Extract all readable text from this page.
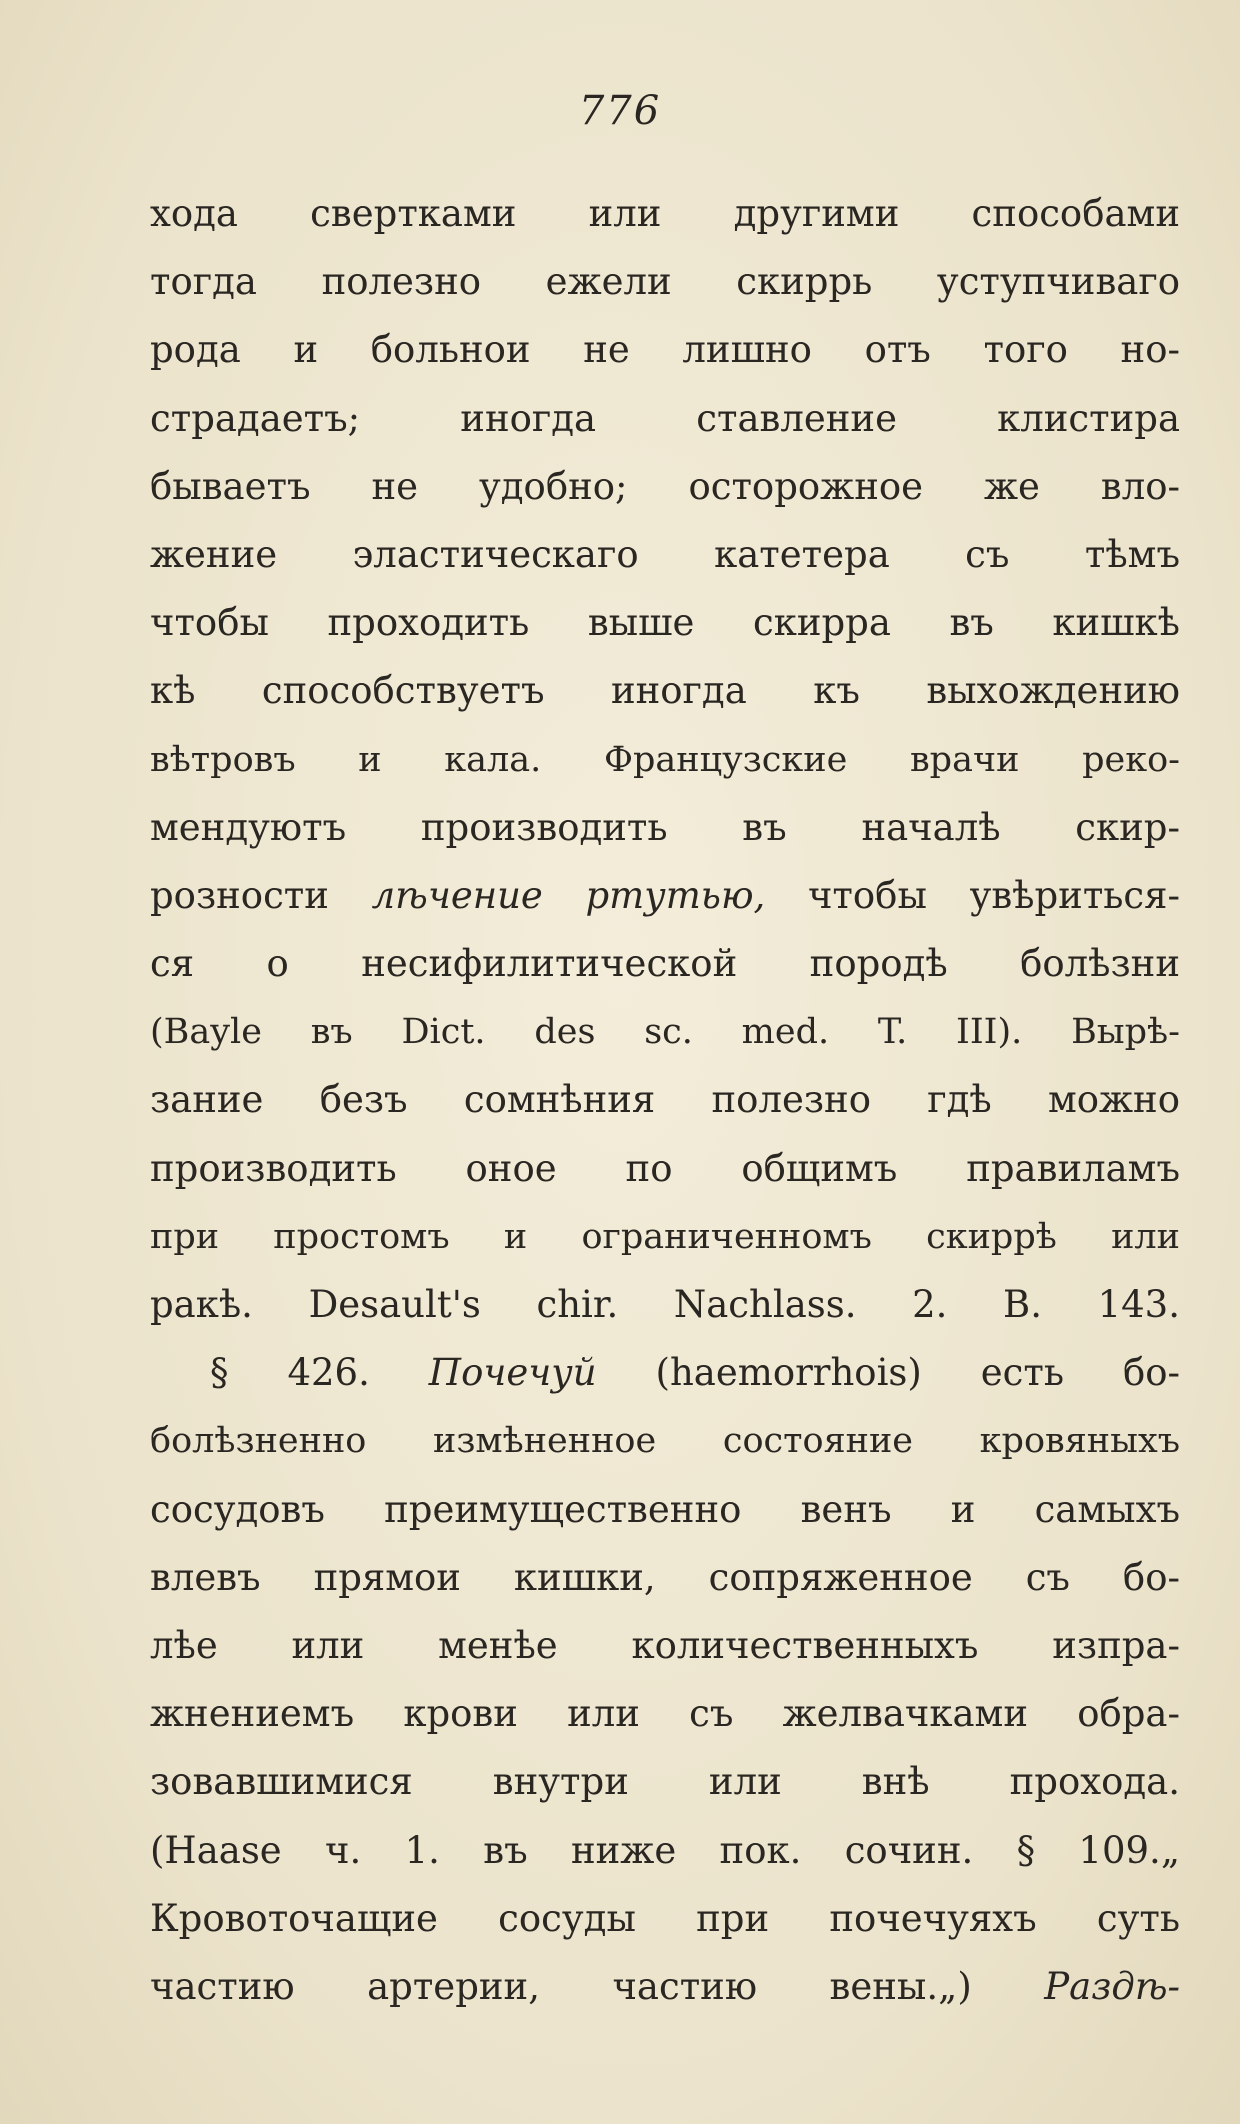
776
хода сверткaми или другими способами
тогда полезно ежели скиррь уступчиваго
рода и больнои не лишно отъ того но-
страдаетъ; иногда ставление клистира
бываетъ не удобно; осторожное же вло-
жение эластическаго катетера съ тѣмъ
чтобы проходить выше скирра въ кишкѣ
кѣ способствуетъ иногда къ выхождению
вѣтровъ и кала. Французские врачи реко-
мендуютъ производить въ началѣ скир-
розности лѣчение ртутью, чтобы увѣриться-
ся о несифилитической породѣ болѣзни
(Bayle въ Dict. des sc. med. T. III). Вырѣ-
зание безъ сомнѣния полезно гдѣ можно
производить оное по общимъ правиламъ
при простомъ и ограниченномъ скиррѣ или
ракѣ. Desault's chir. Nachlass. 2. B. 143.
§ 426. Почечуй (haemorrhois) есть бо-
болѣзненно измѣненное состояние кровяныхъ
сосудовъ преимущественно венъ и самыхъ
влевъ прямои кишки, сопряженное съ бо-
лѣе или менѣе количественныхъ изпра-
жнениемъ крови или съ желвачками обра-
зовавшимися внутри или внѣ прохода.
(Haase ч. 1. въ ниже пок. сочин. § 109.„
Кровоточащие сосуды при почечуяхъ суть
частию артерии, частию вены.„) Раздѣ-
